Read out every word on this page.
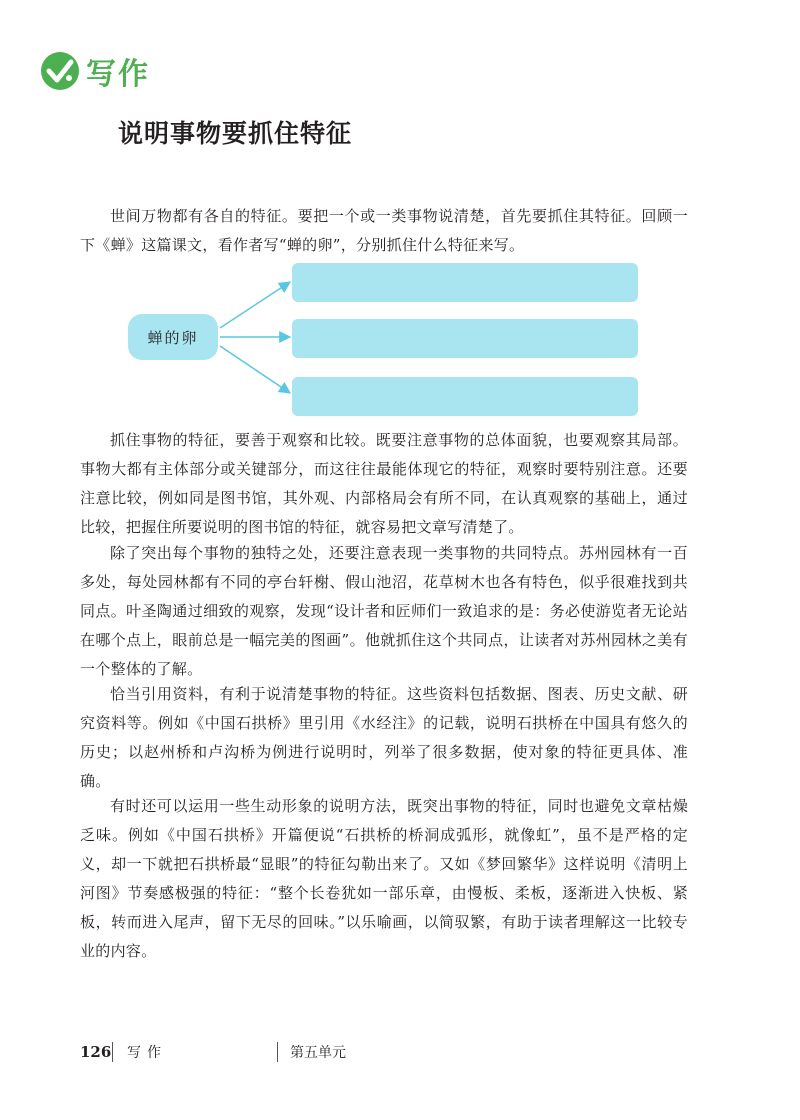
写作
说明事物要抓住特征

世间万物都有各自的特征。要把一个或一类事物说清楚，首先要抓住其特征。回顾一下《蝉》这篇课文，看作者写“蝉的卵”，分别抓住什么特征来写。

蝉的卵

抓住事物的特征，要善于观察和比较。既要注意事物的总体面貌，也要观察其局部。事物大都有主体部分或关键部分，而这往往最能体现它的特征，观察时要特别注意。还要注意比较，例如同是图书馆，其外观、内部格局会有所不同，在认真观察的基础上，通过比较，把握住所要说明的图书馆的特征，就容易把文章写清楚了。

除了突出每个事物的独特之处，还要注意表现一类事物的共同特点。苏州园林有一百多处，每处园林都有不同的亭台轩榭、假山池沼，花草树木也各有特色，似乎很难找到共同点。叶圣陶通过细致的观察，发现“设计者和匠师们一致追求的是：务必使游览者无论站在哪个点上，眼前总是一幅完美的图画”。他就抓住这个共同点，让读者对苏州园林之美有一个整体的了解。

恰当引用资料，有利于说清楚事物的特征。这些资料包括数据、图表、历史文献、研究资料等。例如《中国石拱桥》里引用《水经注》的记载，说明石拱桥在中国具有悠久的历史；以赵州桥和卢沟桥为例进行说明时，列举了很多数据，使对象的特征更具体、准确。

有时还可以运用一些生动形象的说明方法，既突出事物的特征，同时也避免文章枯燥乏味。例如《中国石拱桥》开篇便说“石拱桥的桥洞成弧形，就像虹”，虽不是严格的定义，却一下就把石拱桥最“显眼”的特征勾勒出来了。又如《梦回繁华》这样说明《清明上河图》节奏感极强的特征：“整个长卷犹如一部乐章，由慢板、柔板，逐渐进入快板、紧板，转而进入尾声，留下无尽的回味。”以乐喻画，以简驭繁，有助于读者理解这一比较专业的内容。

126 写作	第五单元
